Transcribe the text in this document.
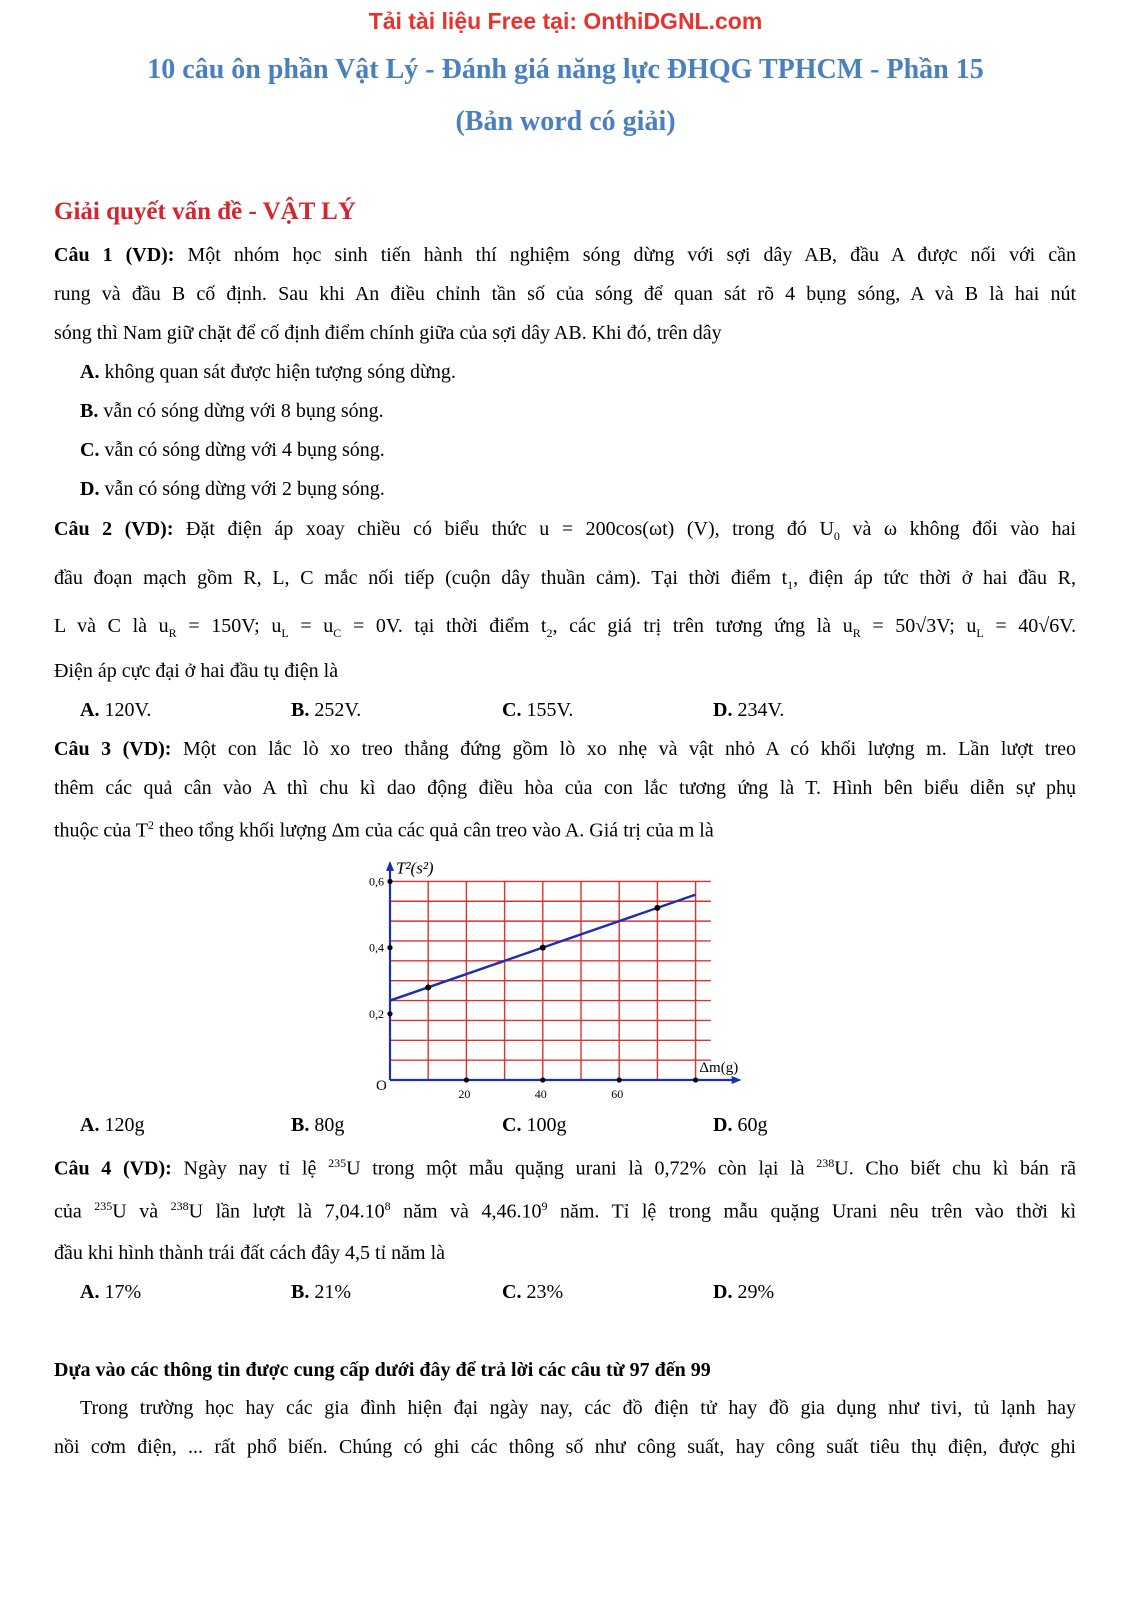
Tải tài liệu Free tại: OnthiDGNL.com
10 câu ôn phần Vật Lý - Đánh giá năng lực ĐHQG TPHCM - Phần 15
(Bản word có giải)
Giải quyết vấn đề - VẬT LÝ
Câu 1 (VD): Một nhóm học sinh tiến hành thí nghiệm sóng dừng với sợi dây AB, đầu A được nối với cần
rung và đầu B cố định. Sau khi An điều chỉnh tần số của sóng để quan sát rõ 4 bụng sóng, A và B là hai nút
sóng thì Nam giữ chặt để cố định điểm chính giữa của sợi dây AB. Khi đó, trên dây
A. không quan sát được hiện tượng sóng dừng.
B. vẫn có sóng dừng với 8 bụng sóng.
C. vẫn có sóng dừng với 4 bụng sóng.
D. vẫn có sóng dừng với 2 bụng sóng.
Câu 2 (VD): Đặt điện áp xoay chiều có biểu thức u = 200cos(ωt) (V), trong đó $U_0$ và ω không đổi vào hai
đầu đoạn mạch gồm R, L, C mắc nối tiếp (cuộn dây thuần cảm). Tại thời điểm $t_1$, điện áp tức thời ở hai đầu R,
L và C là $u_R = 150V$; $u_L = u_C = 0V$. tại thời điểm $t_2$, các giá trị trên tương ứng là $u_R = 50√3V$; $u_L = 40√6V$.
Điện áp cực đại ở hai đầu tụ điện là
A. 120V.	B. 252V.	C. 155V.	D. 234V.
Câu 3 (VD): Một con lắc lò xo treo thẳng đứng gồm lò xo nhẹ và vật nhỏ A có khối lượng m. Lần lượt treo
thêm các quả cân vào A thì chu kì dao động điều hòa của con lắc tương ứng là T. Hình bên biểu diễn sự phụ
thuộc của $T^2$ theo tổng khối lượng Δm của các quả cân treo vào A. Giá trị của m là
20	40	60
0,2
0,4
0,6
O
T²(s²)
Δm(g)
A. 120g	B. 80g	C. 100g	D. 60g
Câu 4 (VD): Ngày nay tỉ lệ $^{235}$U trong một mẫu quặng urani là 0,72% còn lại là $^{238}$U. Cho biết chu kì bán rã
của $^{235}$U và $^{238}$U lần lượt là 7,04.10$^8$ năm và 4,46.10$^9$ năm. Tỉ lệ trong mẫu quặng Urani nêu trên vào thời kì
đầu khi hình thành trái đất cách đây 4,5 tỉ năm là
A. 17%	B. 21%	C. 23%	D. 29%
Dựa vào các thông tin được cung cấp dưới đây để trả lời các câu từ 97 đến 99
Trong trường học hay các gia đình hiện đại ngày nay, các đồ điện tử hay đồ gia dụng như tivi, tủ lạnh hay
nồi cơm điện, ... rất phổ biến. Chúng có ghi các thông số như công suất, hay công suất tiêu thụ điện, được ghi
